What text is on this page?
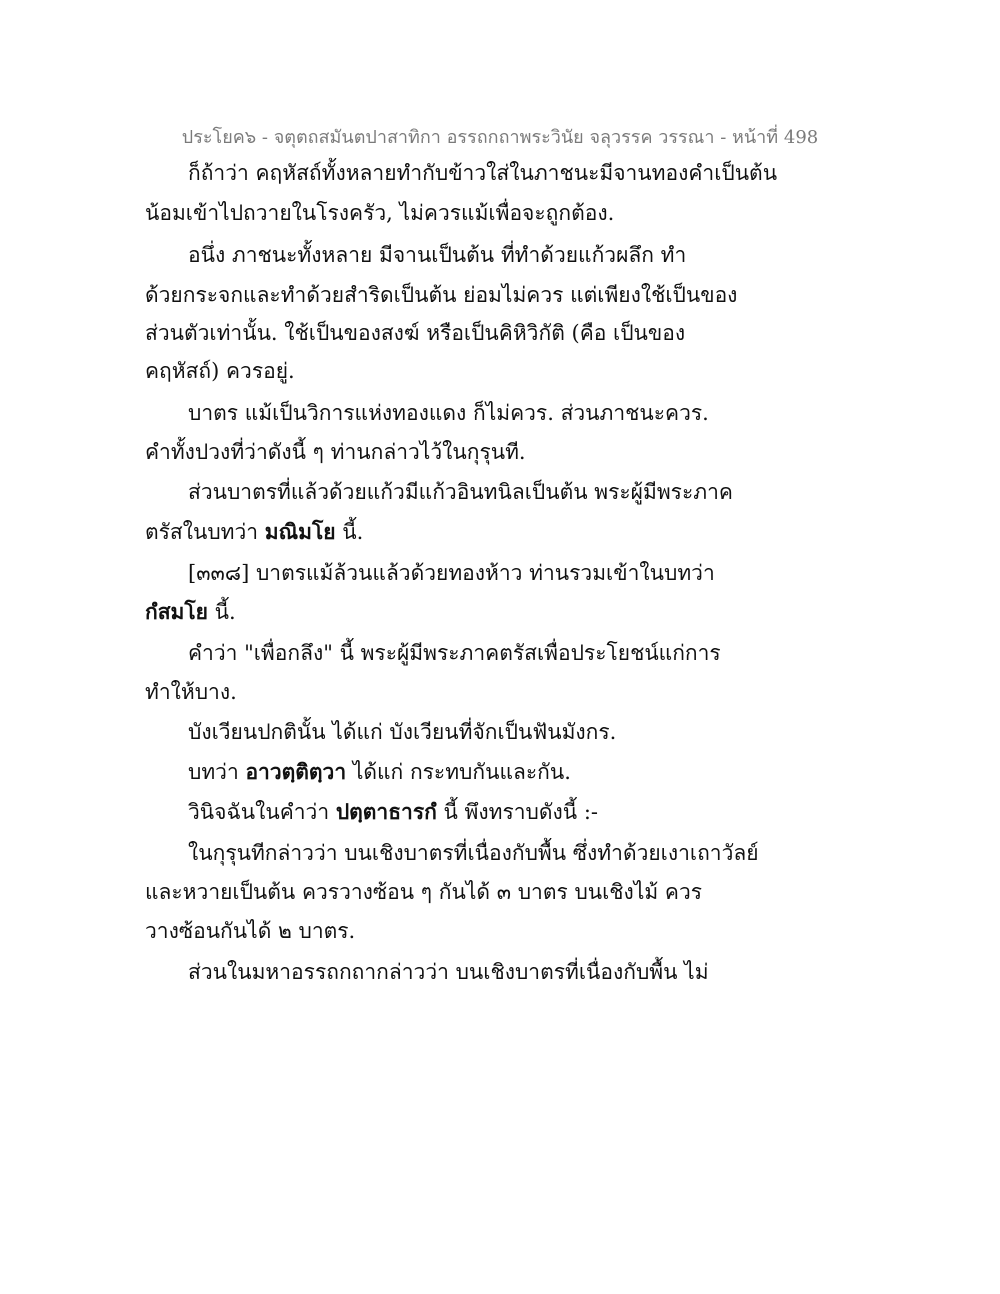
ประโยค๖ - จตุตถสมันตปาสาทิกา อรรถกถาพระวินัย จลุวรรค วรรณา - หน้าที่ 498
ก็ถ้าว่า คฤหัสถ์ทั้งหลายทำกับข้าวใส่ในภาชนะมีจานทองคำเป็นต้น
น้อมเข้าไปถวายในโรงครัว, ไม่ควรแม้เพื่อจะถูกต้อง.
อนึ่ง ภาชนะทั้งหลาย มีจานเป็นต้น ที่ทำด้วยแก้วผลึก ทำ
ด้วยกระจกและทำด้วยสำริดเป็นต้น ย่อมไม่ควร แต่เพียงใช้เป็นของ
ส่วนตัวเท่านั้น. ใช้เป็นของสงฆ์ หรือเป็นคิหิวิกัติ (คือ เป็นของ
คฤหัสถ์) ควรอยู่.
บาตร แม้เป็นวิการแห่งทองแดง ก็ไม่ควร. ส่วนภาชนะควร.
คำทั้งปวงที่ว่าดังนี้ ๆ ท่านกล่าวไว้ในกุรุนที.
ส่วนบาตรที่แล้วด้วยแก้วมีแก้วอินทนิลเป็นต้น พระผู้มีพระภาค
ตรัสในบทว่า มณิมโย นี้.
[๓๓๘] บาตรแม้ล้วนแล้วด้วยทองห้าว ท่านรวมเข้าในบทว่า
กํสมโย นี้.
คำว่า "เพื่อกลึง" นี้ พระผู้มีพระภาคตรัสเพื่อประโยชน์แก่การ
ทำให้บาง.
บังเวียนปกตินั้น ได้แก่ บังเวียนที่จักเป็นฟันมังกร.
บทว่า อาวตฺติตฺวา ได้แก่ กระทบกันและกัน.
วินิจฉันในคำว่า ปตฺตาธารกํ นี้ พึงทราบดังนี้ :-
ในกุรุนทีกล่าวว่า บนเชิงบาตรที่เนื่องกับพื้น ซึ่งทำด้วยเงาเถาวัลย์
และหวายเป็นต้น ควรวางซ้อน ๆ กันได้ ๓ บาตร บนเชิงไม้ ควร
วางซ้อนกันได้ ๒ บาตร.
ส่วนในมหาอรรถกถากล่าวว่า บนเชิงบาตรที่เนื่องกับพื้น ไม่
